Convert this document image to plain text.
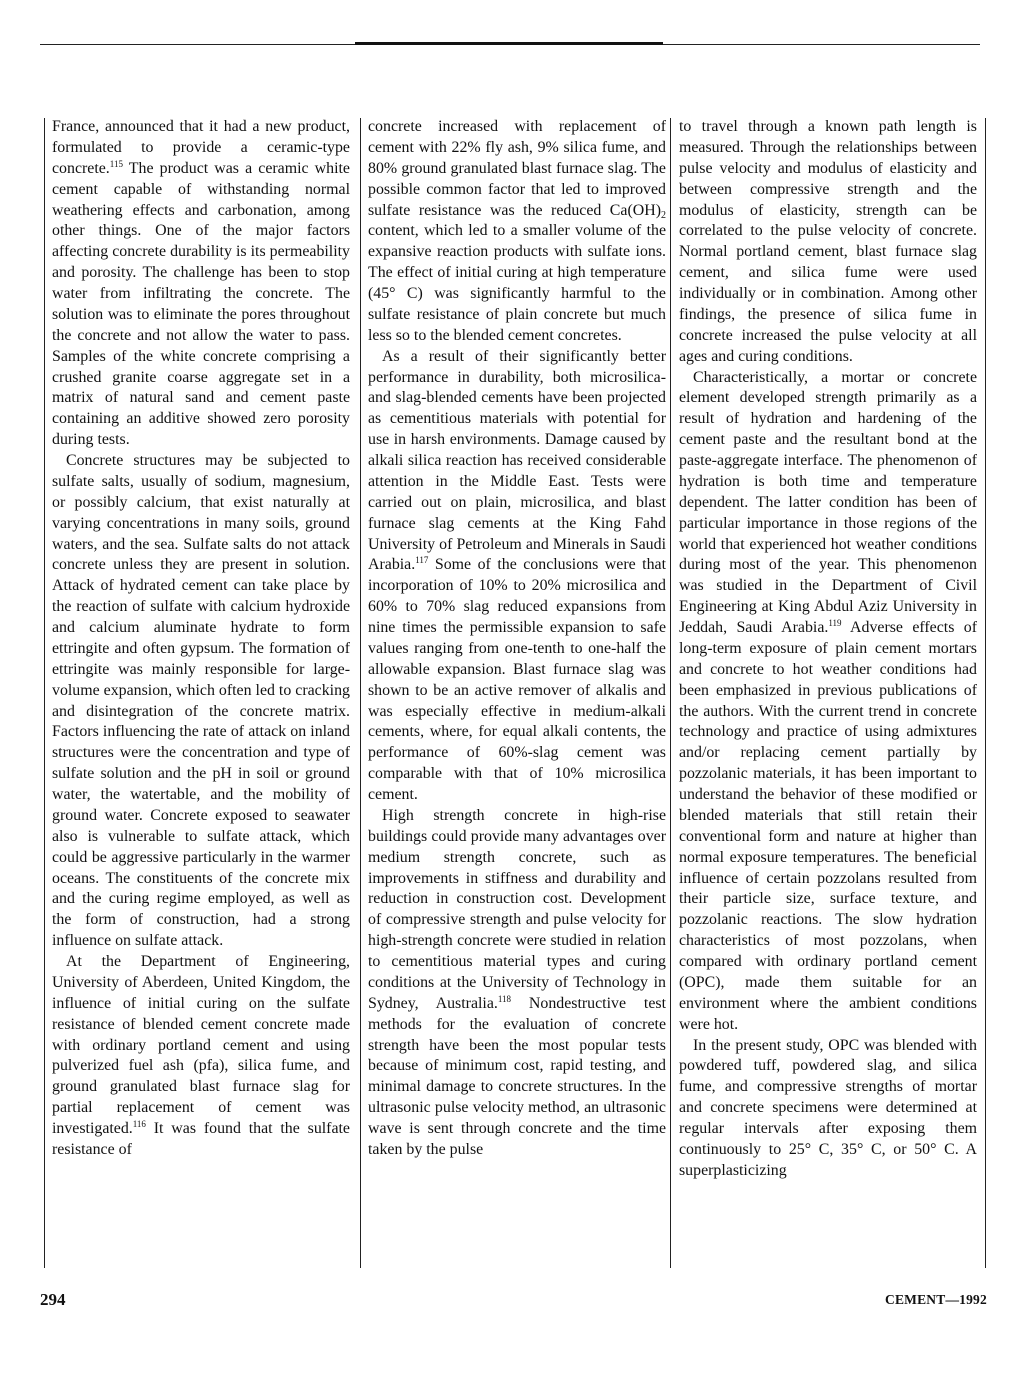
France, announced that it had a new product, formulated to provide a ceramic-type concrete.$^{115}$ The product was a ceramic white cement capable of withstanding normal weathering effects and carbonation, among other things. One of the major factors affecting concrete durability is its permeability and porosity. The challenge has been to stop water from infiltrating the concrete. The solution was to eliminate the pores throughout the concrete and not allow the water to pass. Samples of the white concrete comprising a crushed granite coarse aggregate set in a matrix of natural sand and cement paste containing an additive showed zero porosity during tests.

Concrete structures may be subjected to sulfate salts, usually of sodium, magnesium, or possibly calcium, that exist naturally at varying concentrations in many soils, ground waters, and the sea. Sulfate salts do not attack concrete unless they are present in solution. Attack of hydrated cement can take place by the reaction of sulfate with calcium hydroxide and calcium aluminate hydrate to form ettringite and often gypsum. The formation of ettringite was mainly responsible for large-volume expansion, which often led to cracking and disintegration of the concrete matrix. Factors influencing the rate of attack on inland structures were the concentration and type of sulfate solution and the pH in soil or ground water, the watertable, and the mobility of ground water. Concrete exposed to seawater also is vulnerable to sulfate attack, which could be aggressive particularly in the warmer oceans. The constituents of the concrete mix and the curing regime employed, as well as the form of construction, had a strong influence on sulfate attack.

At the Department of Engineering, University of Aberdeen, United Kingdom, the influence of initial curing on the sulfate resistance of blended cement concrete made with ordinary portland cement and using pulverized fuel ash (pfa), silica fume, and ground granulated blast furnace slag for partial replacement of cement was investigated.$^{116}$ It was found that the sulfate resistance of

concrete increased with replacement of cement with 22% fly ash, 9% silica fume, and 80% ground granulated blast furnace slag. The possible common factor that led to improved sulfate resistance was the reduced $Ca(OH)_2$ content, which led to a smaller volume of the expansive reaction products with sulfate ions. The effect of initial curing at high temperature (45° C) was significantly harmful to the sulfate resistance of plain concrete but much less so to the blended cement concretes.

As a result of their significantly better performance in durability, both microsilica- and slag-blended cements have been projected as cementitious materials with potential for use in harsh environments. Damage caused by alkali silica reaction has received considerable attention in the Middle East. Tests were carried out on plain, microsilica, and blast furnace slag cements at the King Fahd University of Petroleum and Minerals in Saudi Arabia.$^{117}$ Some of the conclusions were that incorporation of 10% to 20% microsilica and 60% to 70% slag reduced expansions from nine times the permissible expansion to safe values ranging from one-tenth to one-half the allowable expansion. Blast furnace slag was shown to be an active remover of alkalis and was especially effective in medium-alkali cements, where, for equal alkali contents, the performance of 60%-slag cement was comparable with that of 10% microsilica cement.

High strength concrete in high-rise buildings could provide many advantages over medium strength concrete, such as improvements in stiffness and durability and reduction in construction cost. Development of compressive strength and pulse velocity for high-strength concrete were studied in relation to cementitious material types and curing conditions at the University of Technology in Sydney, Australia.$^{118}$ Nondestructive test methods for the evaluation of concrete strength have been the most popular tests because of minimum cost, rapid testing, and minimal damage to concrete structures. In the ultrasonic pulse velocity method, an ultrasonic wave is sent through concrete and the time taken by the pulse

to travel through a known path length is measured. Through the relationships between pulse velocity and modulus of elasticity and between compressive strength and the modulus of elasticity, strength can be correlated to the pulse velocity of concrete. Normal portland cement, blast furnace slag cement, and silica fume were used individually or in combination. Among other findings, the presence of silica fume in concrete increased the pulse velocity at all ages and curing conditions.

Characteristically, a mortar or concrete element developed strength primarily as a result of hydration and hardening of the cement paste and the resultant bond at the paste-aggregate interface. The phenomenon of hydration is both time and temperature dependent. The latter condition has been of particular importance in those regions of the world that experienced hot weather conditions during most of the year. This phenomenon was studied in the Department of Civil Engineering at King Abdul Aziz University in Jeddah, Saudi Arabia.$^{119}$ Adverse effects of long-term exposure of plain cement mortars and concrete to hot weather conditions had been emphasized in previous publications of the authors. With the current trend in concrete technology and practice of using admixtures and/or replacing cement partially by pozzolanic materials, it has been important to understand the behavior of these modified or blended materials that still retain their conventional form and nature at higher than normal exposure temperatures. The beneficial influence of certain pozzolans resulted from their particle size, surface texture, and pozzolanic reactions. The slow hydration characteristics of most pozzolans, when compared with ordinary portland cement (OPC), made them suitable for an environment where the ambient conditions were hot.

In the present study, OPC was blended with powdered tuff, powdered slag, and silica fume, and compressive strengths of mortar and concrete specimens were determined at regular intervals after exposing them continuously to 25° C, 35° C, or 50° C. A superplasticizing

294	CEMENT—1992
